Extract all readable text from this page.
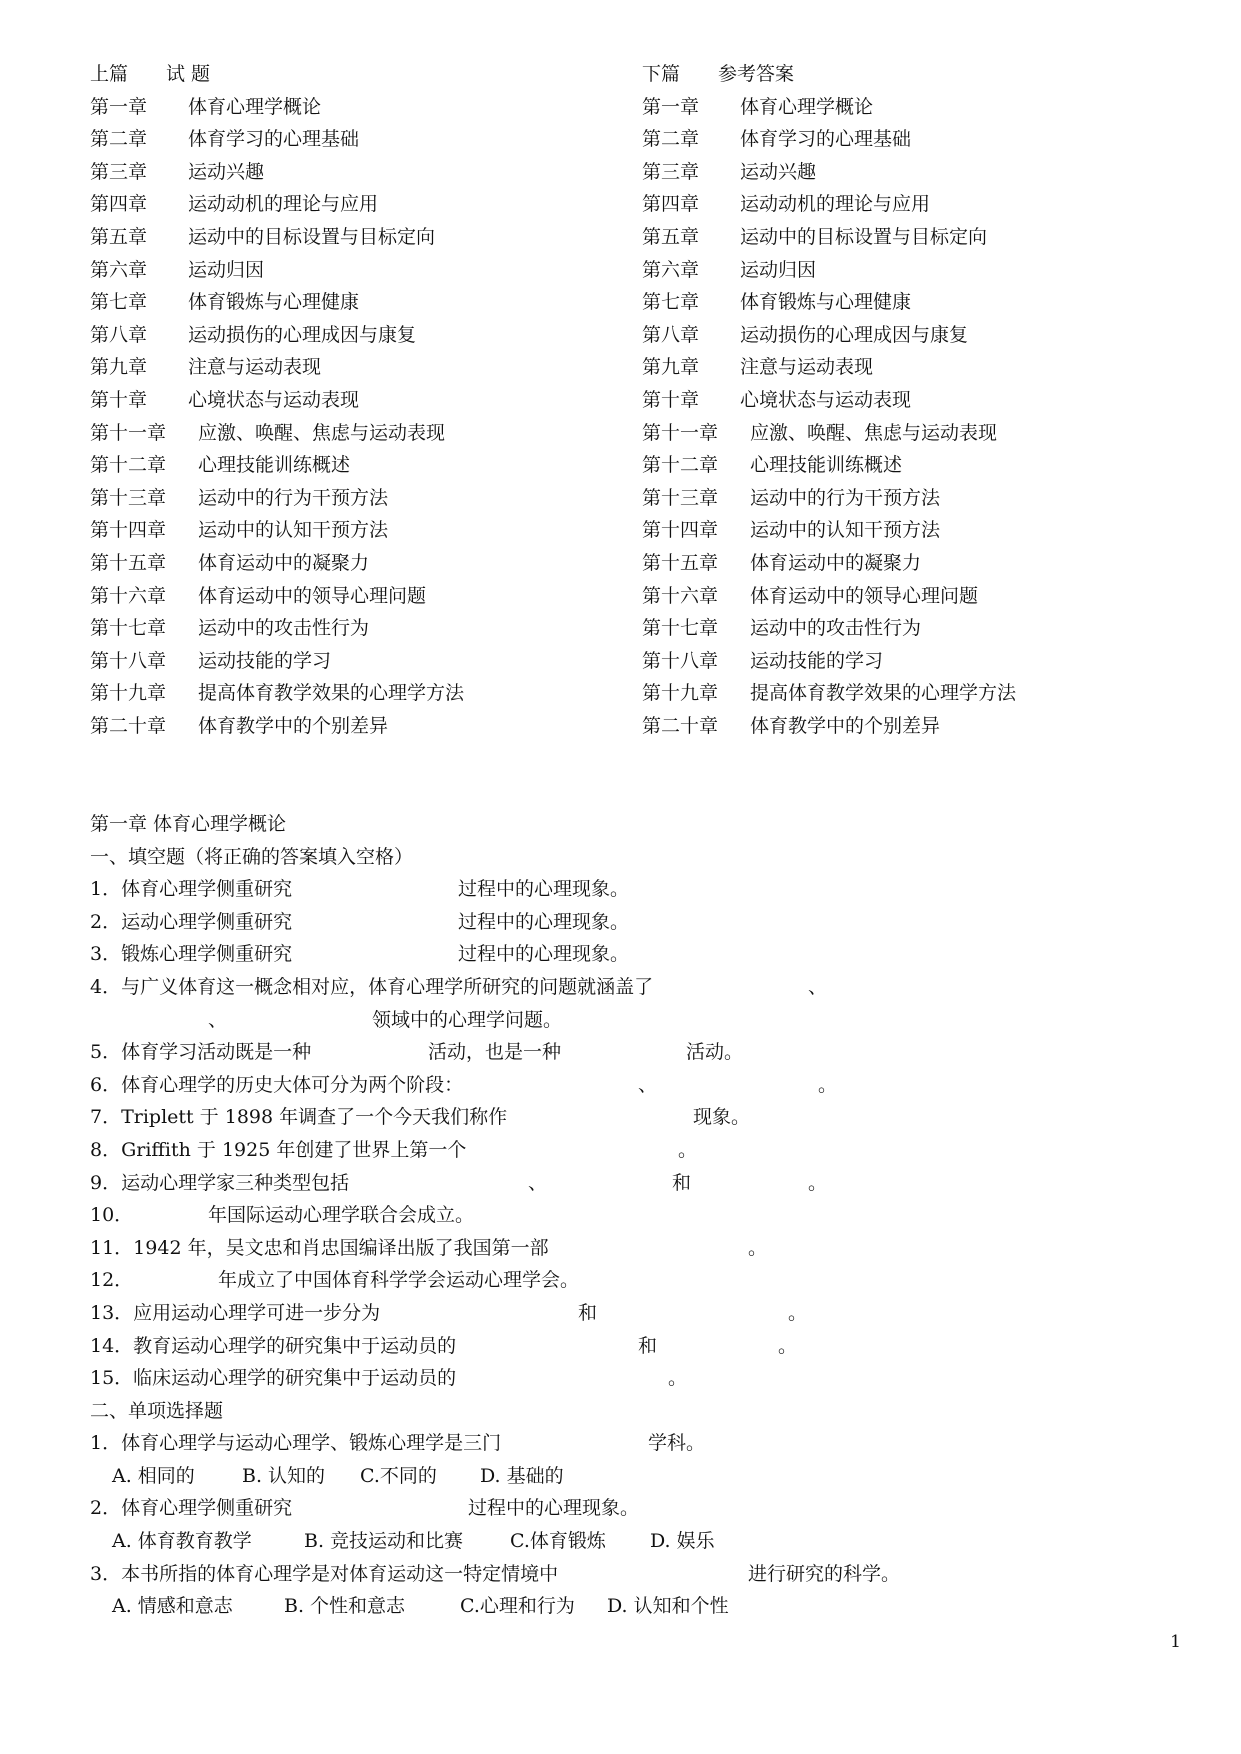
上篇 试 题
第一章 体育心理学概论
第二章 体育学习的心理基础
第三章 运动兴趣
第四章 运动动机的理论与应用
第五章 运动中的目标设置与目标定向
第六章 运动归因
第七章 体育锻炼与心理健康
第八章 运动损伤的心理成因与康复
第九章 注意与运动表现
第十章 心境状态与运动表现
第十一章 应激、唤醒、焦虑与运动表现
第十二章 心理技能训练概述
第十三章 运动中的行为干预方法
第十四章 运动中的认知干预方法
第十五章 体育运动中的凝聚力
第十六章 体育运动中的领导心理问题
第十七章 运动中的攻击性行为
第十八章 运动技能的学习
第十九章 提高体育教学效果的心理学方法
第二十章 体育教学中的个别差异
下篇 参考答案
第一章 体育心理学概论
第二章 体育学习的心理基础
第三章 运动兴趣
第四章 运动动机的理论与应用
第五章 运动中的目标设置与目标定向
第六章 运动归因
第七章 体育锻炼与心理健康
第八章 运动损伤的心理成因与康复
第九章 注意与运动表现
第十章 心境状态与运动表现
第十一章 应激、唤醒、焦虑与运动表现
第十二章 心理技能训练概述
第十三章 运动中的行为干预方法
第十四章 运动中的认知干预方法
第十五章 体育运动中的凝聚力
第十六章 体育运动中的领导心理问题
第十七章 运动中的攻击性行为
第十八章 运动技能的学习
第十九章 提高体育教学效果的心理学方法
第二十章 体育教学中的个别差异
第一章 体育心理学概论
一、填空题（将正确的答案填入空格）
1．体育心理学侧重研究	过程中的心理现象。
2．运动心理学侧重研究	过程中的心理现象。
3．锻炼心理学侧重研究	过程中的心理现象。
4．与广义体育这一概念相对应，体育心理学所研究的问题就涵盖了	、
、	领域中的心理学问题。
5．体育学习活动既是一种	活动，也是一种	活动。
6．体育心理学的历史大体可分为两个阶段：	、	。
7．Triplett 于 1898 年调查了一个今天我们称作	现象。
8．Griffith 于 1925 年创建了世界上第一个	。
9．运动心理学家三种类型包括	、	和	。
10．	年国际运动心理学联合会成立。
11．1942 年，吴文忠和肖忠国编译出版了我国第一部	。
12．	年成立了中国体育科学学会运动心理学会。
13．应用运动心理学可进一步分为	和	。
14．教育运动心理学的研究集中于运动员的	和	。
15．临床运动心理学的研究集中于运动员的	。
二、单项选择题
1．体育心理学与运动心理学、锻炼心理学是三门	学科。
A. 相同的 B. 认知的 C.不同的 D. 基础的
2．体育心理学侧重研究	过程中的心理现象。
A. 体育教育教学	B. 竞技运动和比赛 C.体育锻炼 D. 娱乐
3．本书所指的体育心理学是对体育运动这一特定情境中	进行研究的科学。
A. 情感和意志	B. 个性和意志	C.心理和行为 D. 认知和个性
1
